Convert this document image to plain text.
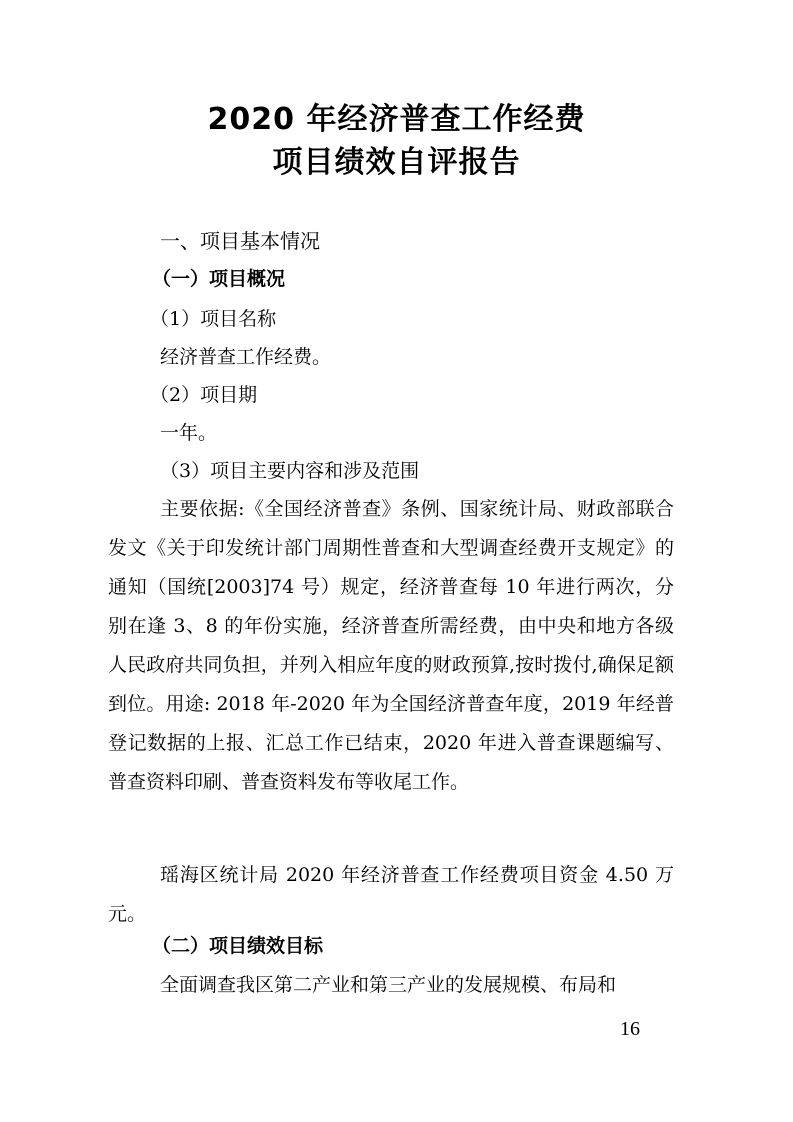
2020 年经济普查工作经费
项目绩效自评报告
一、项目基本情况
（一）项目概况
（1）项目名称
经济普查工作经费。
（2）项目期
一年。
（3）项目主要内容和涉及范围
主要依据:《全国经济普查》条例、国家统计局、财政部联合发文《关于印发统计部门周期性普查和大型调查经费开支规定》的通知（国统[2003]74 号）规定，经济普查每 10 年进行两次，分别在逢 3、8 的年份实施，经济普查所需经费，由中央和地方各级人民政府共同负担，并列入相应年度的财政预算,按时拨付,确保足额到位。用途: 2018 年-2020 年为全国经济普查年度，2019 年经普登记数据的上报、汇总工作已结束，2020 年进入普查课题编写、普查资料印刷、普查资料发布等收尾工作。
瑶海区统计局 2020 年经济普查工作经费项目资金 4.50 万元。
（二）项目绩效目标
全面调查我区第二产业和第三产业的发展规模、布局和
16
